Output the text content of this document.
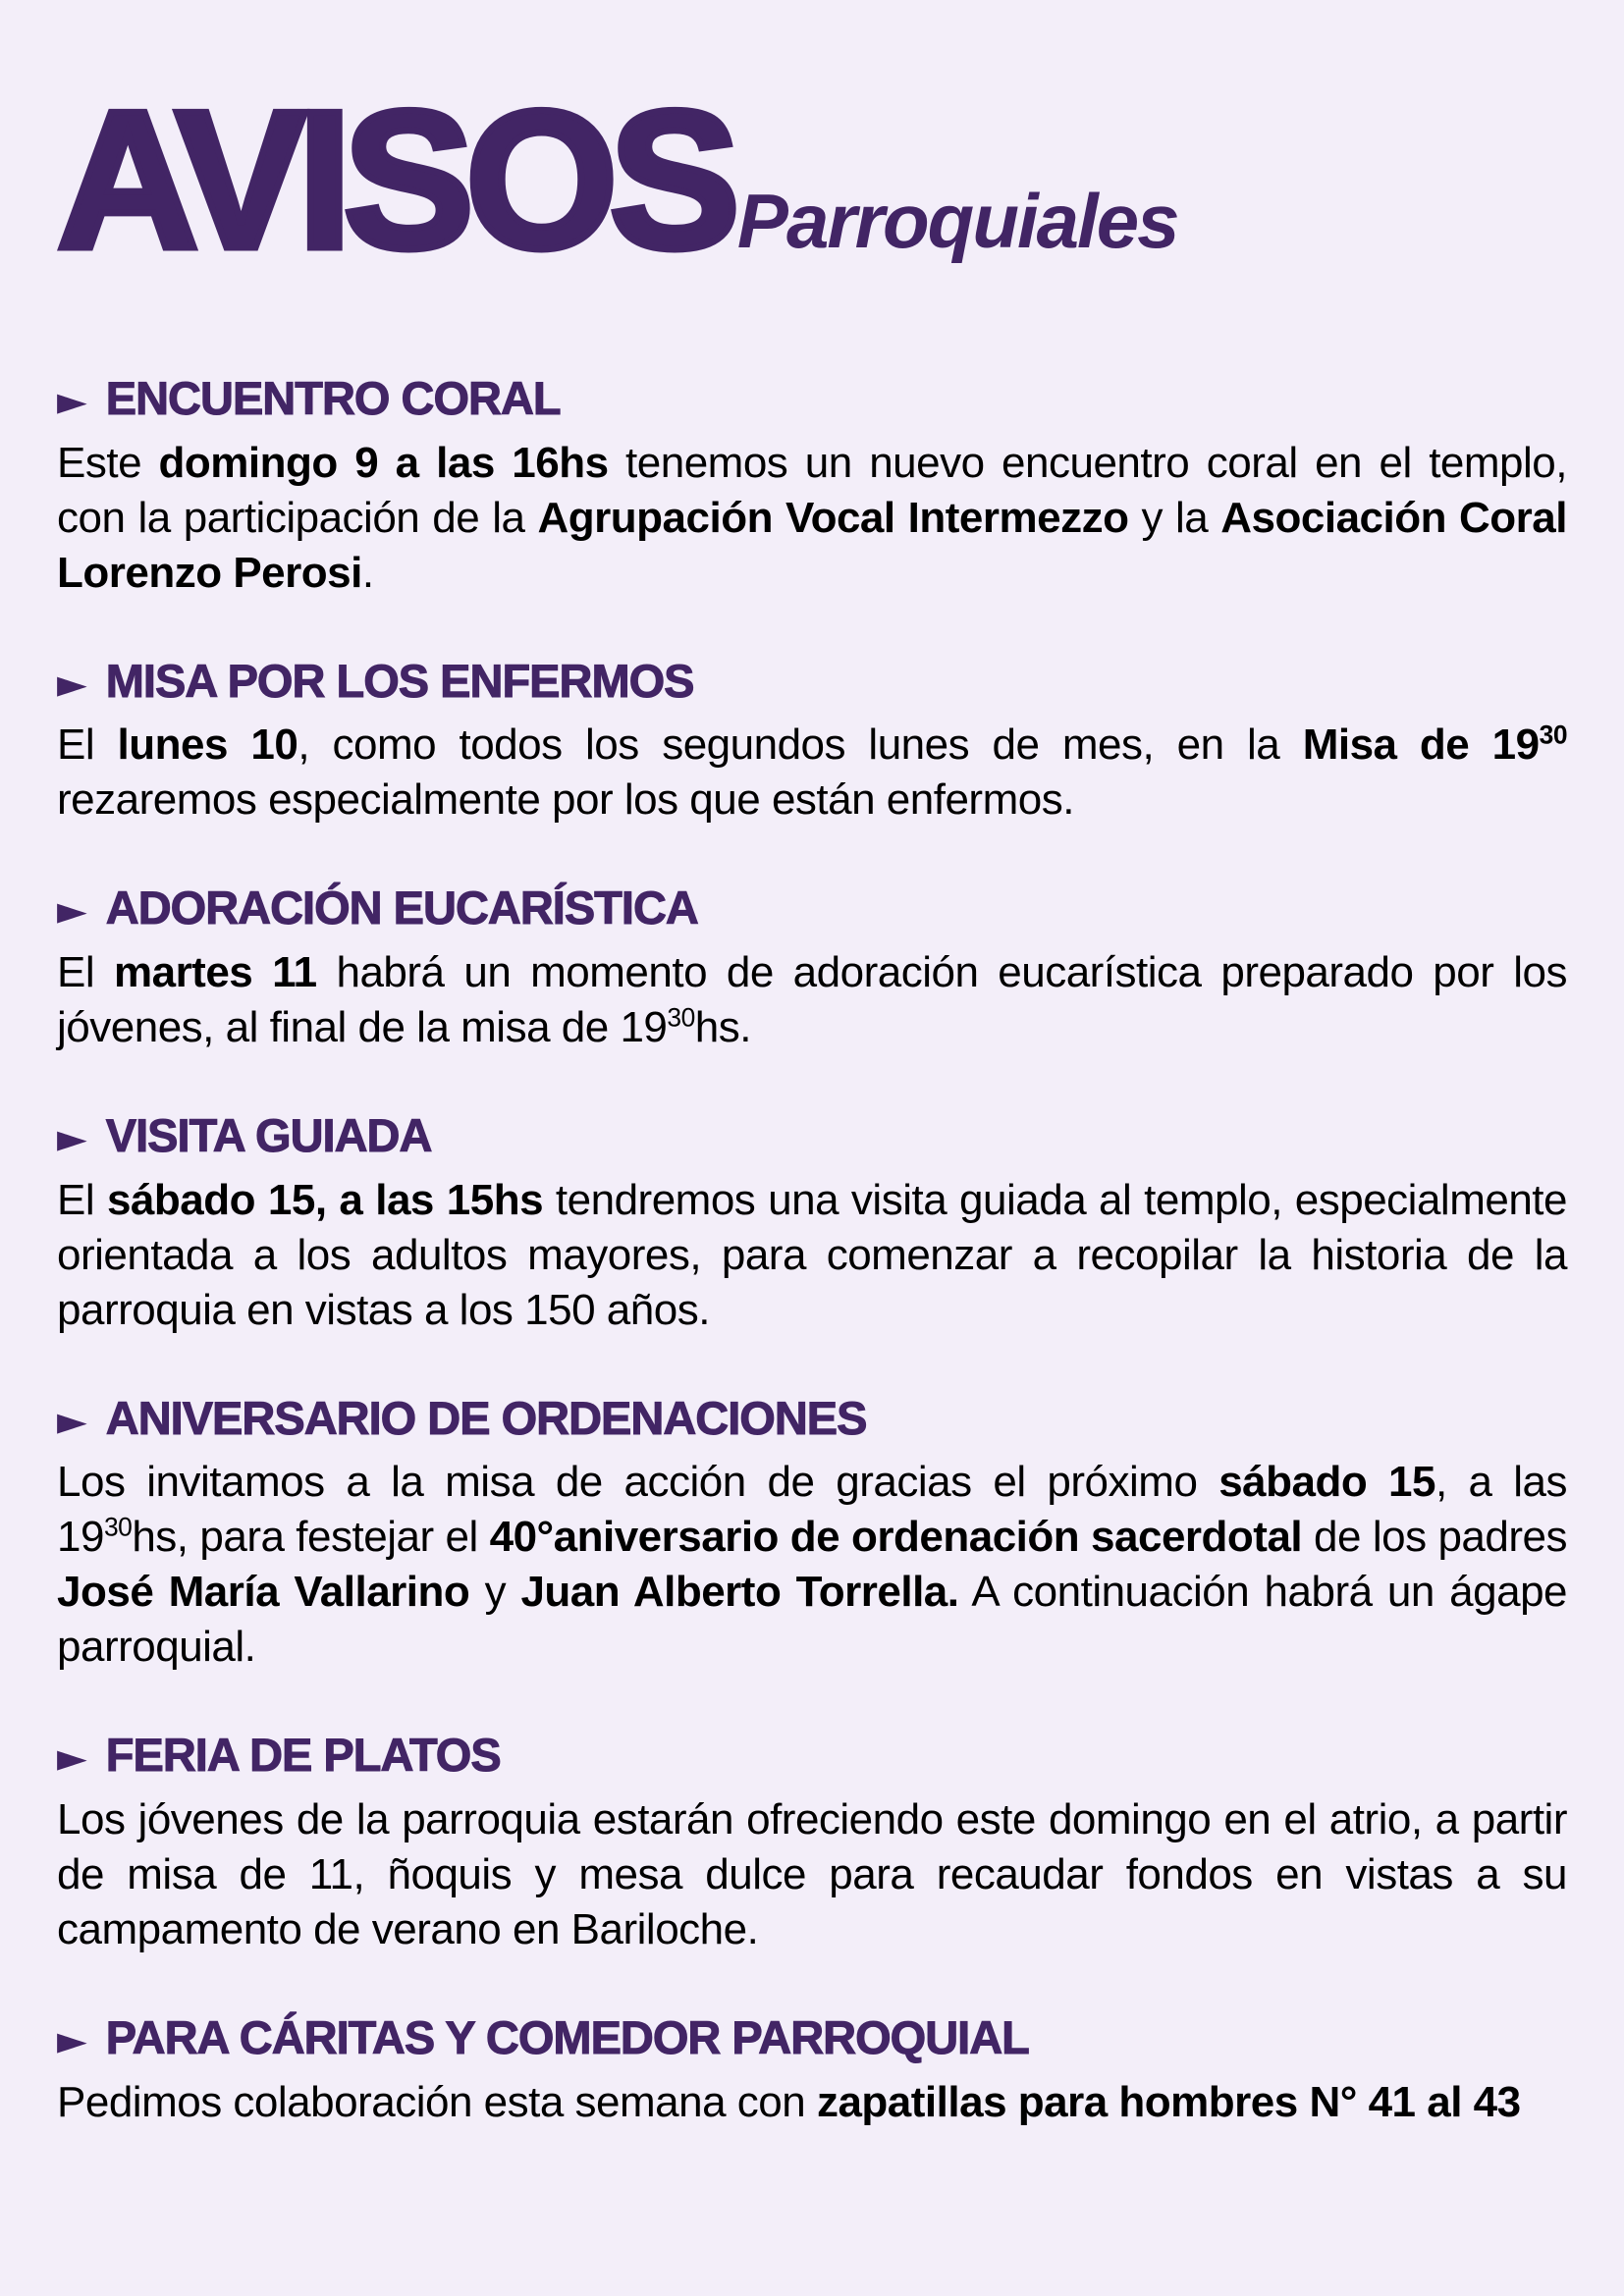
AVISOS Parroquiales
► ENCUENTRO CORAL

Este domingo 9 a las 16hs tenemos un nuevo encuentro coral en el templo, con la participación de la Agrupación Vocal Intermezzo y la Asociación Coral Lorenzo Perosi.

► MISA POR LOS ENFERMOS

El lunes 10, como todos los segundos lunes de mes, en la Misa de $19^{30}$ rezaremos especialmente por los que están enfermos.

► ADORACIÓN EUCARÍSTICA

El martes 11 habrá un momento de adoración eucarística preparado por los jóvenes, al final de la misa de $19^{30}hs$.

► VISITA GUIADA

El sábado 15, a las 15hs tendremos una visita guiada al templo, especialmente orientada a los adultos mayores, para comenzar a recopilar la historia de la parroquia en vistas a los 150 años.

► ANIVERSARIO DE ORDENACIONES

Los invitamos a la misa de acción de gracias el próximo sábado 15, a las $19^{30}hs$, para festejar el 40°aniversario de ordenación sacerdotal de los padres José María Vallarino y Juan Alberto Torrella. A continuación habrá un ágape parroquial.

► FERIA DE PLATOS

Los jóvenes de la parroquia estarán ofreciendo este domingo en el atrio, a partir de misa de 11, ñoquis y mesa dulce para recaudar fondos en vistas a su campamento de verano en Bariloche.

► PARA CÁRITAS Y COMEDOR PARROQUIAL

Pedimos colaboración esta semana con zapatillas para hombres N° 41 al 43
